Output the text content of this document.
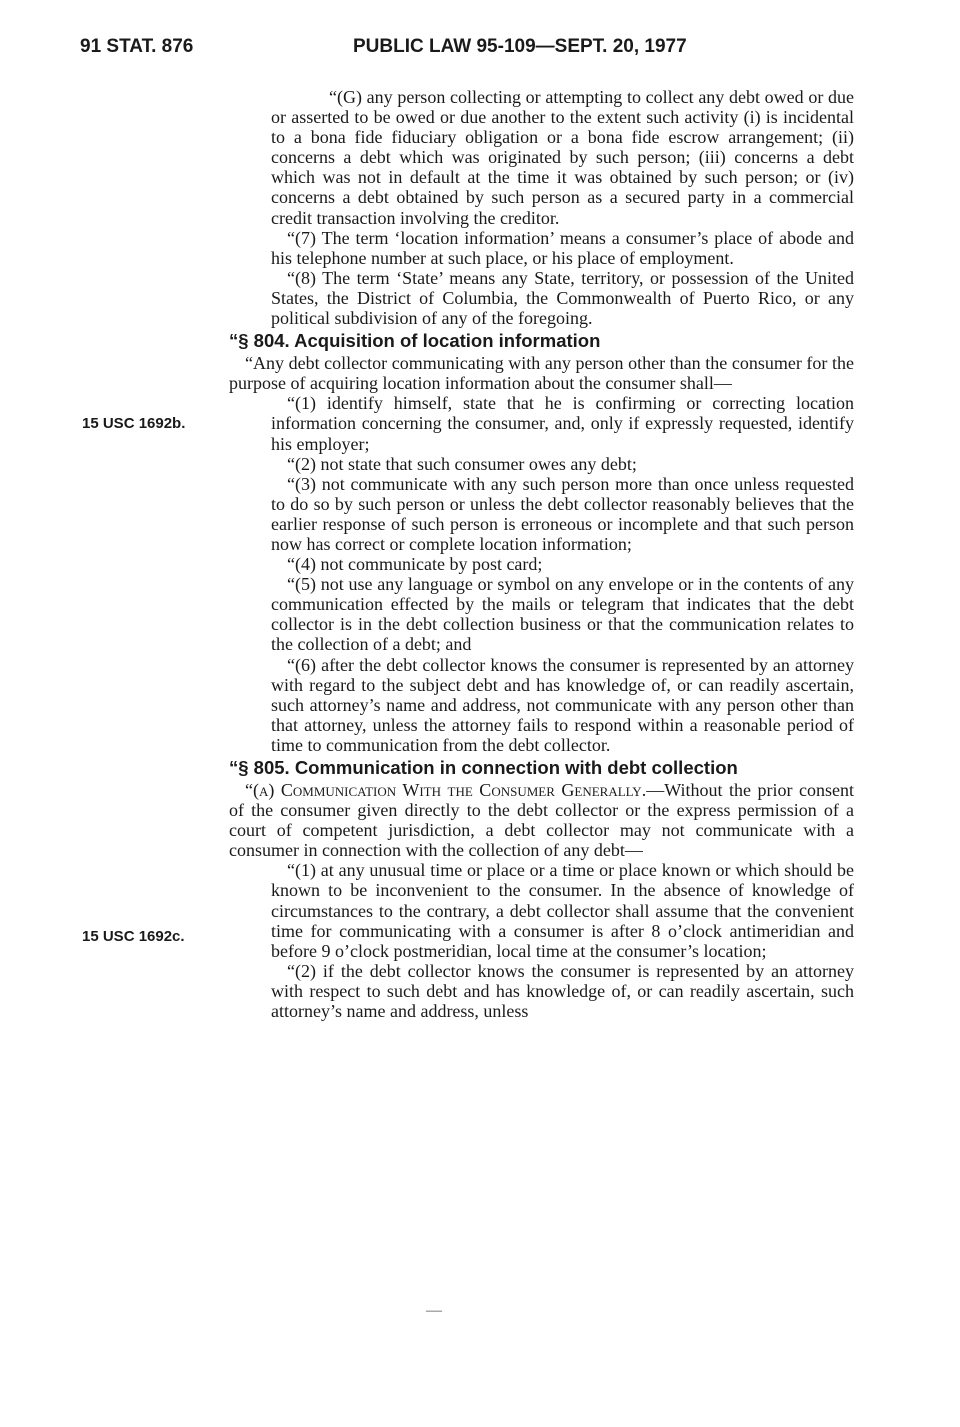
91 STAT. 876	PUBLIC LAW 95-109—SEPT. 20, 1977
15 USC 1692b.
15 USC 1692c.

“(G) any person collecting or attempting to collect any debt owed or due or asserted to be owed or due another to the extent such activity (i) is incidental to a bona fide fiduciary obligation or a bona fide escrow arrangement; (ii) concerns a debt which was originated by such person; (iii) concerns a debt which was not in default at the time it was obtained by such person; or (iv) concerns a debt obtained by such person as a secured party in a commercial credit transaction involving the creditor.

“(7) The term ‘location information’ means a consumer’s place of abode and his telephone number at such place, or his place of employment.

“(8) The term ‘State’ means any State, territory, or possession of the United States, the District of Columbia, the Commonwealth of Puerto Rico, or any political subdivision of any of the foregoing.

“§ 804. Acquisition of location information

“Any debt collector communicating with any person other than the consumer for the purpose of acquiring location information about the consumer shall—

“(1) identify himself, state that he is confirming or correcting location information concerning the consumer, and, only if expressly requested, identify his employer;

“(2) not state that such consumer owes any debt;

“(3) not communicate with any such person more than once unless requested to do so by such person or unless the debt collector reasonably believes that the earlier response of such person is erroneous or incomplete and that such person now has correct or complete location information;

“(4) not communicate by post card;

“(5) not use any language or symbol on any envelope or in the contents of any communication effected by the mails or telegram that indicates that the debt collector is in the debt collection business or that the communication relates to the collection of a debt; and

“(6) after the debt collector knows the consumer is represented by an attorney with regard to the subject debt and has knowledge of, or can readily ascertain, such attorney’s name and address, not communicate with any person other than that attorney, unless the attorney fails to respond within a reasonable period of time to communication from the debt collector.

“§ 805. Communication in connection with debt collection

“(a) Communication With the Consumer Generally.—Without the prior consent of the consumer given directly to the debt collector or the express permission of a court of competent jurisdiction, a debt collector may not communicate with a consumer in connection with the collection of any debt—

“(1) at any unusual time or place or a time or place known or which should be known to be inconvenient to the consumer. In the absence of knowledge of circumstances to the contrary, a debt collector shall assume that the convenient time for communicating with a consumer is after 8 o’clock antimeridian and before 9 o’clock postmeridian, local time at the consumer’s location;

“(2) if the debt collector knows the consumer is represented by an attorney with respect to such debt and has knowledge of, or can readily ascertain, such attorney’s name and address, unless

—
